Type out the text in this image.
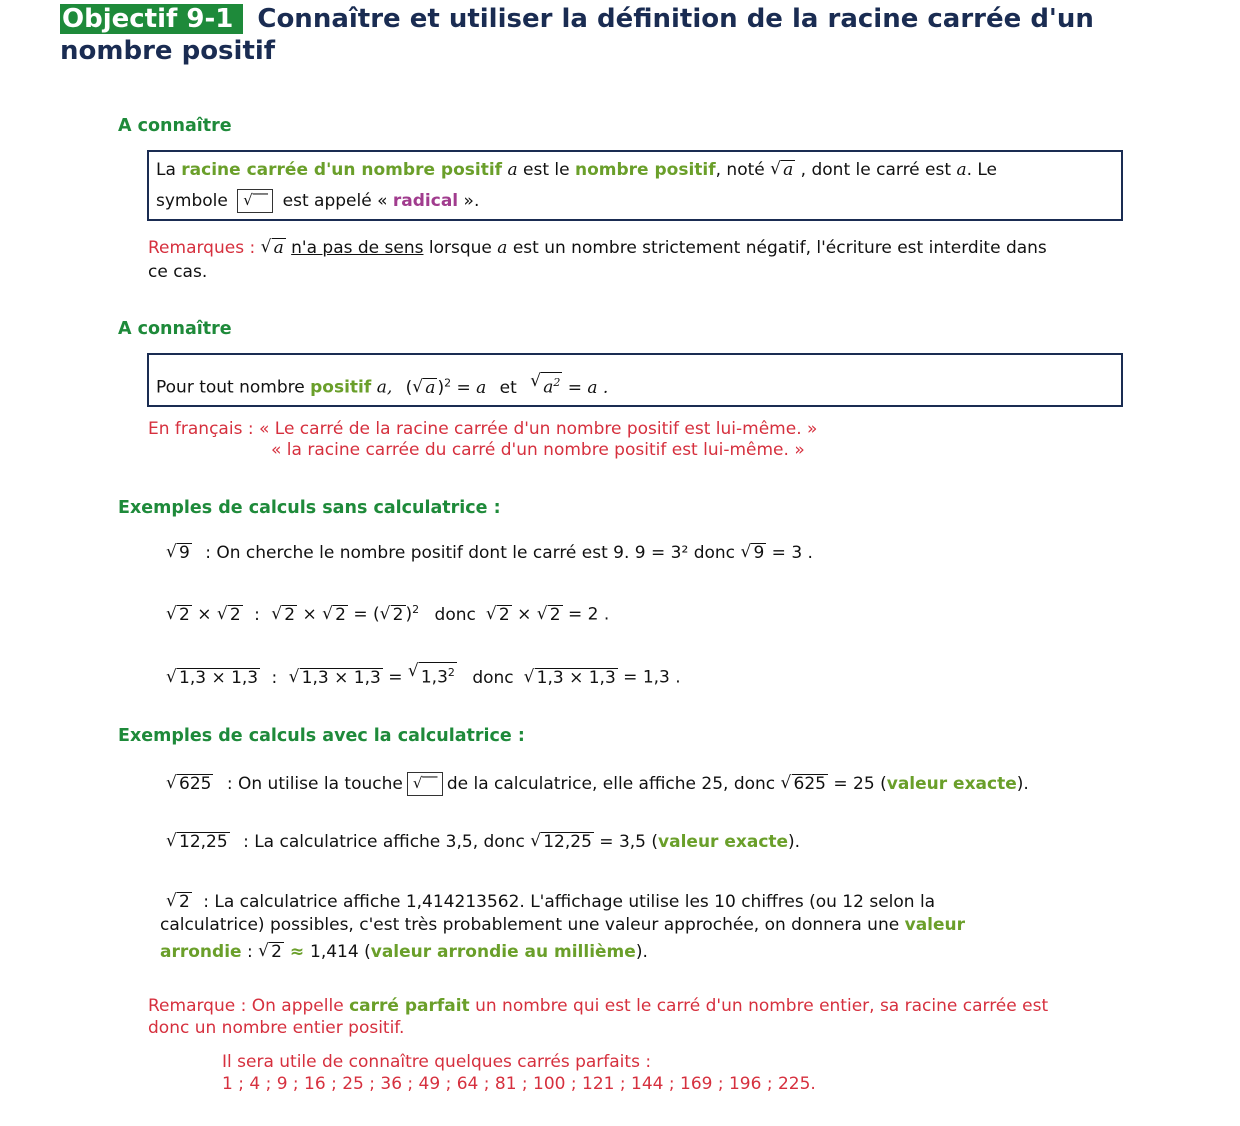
Objectif 9-1 Connaître et utiliser la définition de la racine carrée d'un
nombre positif
A connaître
La racine carrée d'un nombre positif a est le nombre positif, noté √ a , dont le carré est a. Le
symbole √‾‾	est appelé « radical ».
Remarques : √ a n'a pas de sens lorsque a est un nombre strictement négatif, l'écriture est interdite dans
ce cas.
A connaître
Pour tout nombre positif a, ( √ a )$^2$ = a et √ $a^2 = a$ .
En français : « Le carré de la racine carrée d'un nombre positif est lui-même. »
« la racine carrée du carré d'un nombre positif est lui-même. »
Exemples de calculs sans calculatrice :
√ 9 : On cherche le nombre positif dont le carré est 9. 9 = 3² donc √ 9 = 3 .
√ 2 × √ 2 : √ 2 × √ 2 = ( √ 2 )$^2$ donc √ 2 × √ 2 = 2 .
√ 1,3 × 1,3 : √ 1,3 × 1,3 = √ $1,3^2$ donc √ 1,3 × 1,3 = 1,3 .
Exemples de calculs avec la calculatrice :
√ 625 : On utilise la touche √‾‾	de la calculatrice, elle affiche 25, donc √ 625 = 25 (valeur exacte).
√ 12,25 : La calculatrice affiche 3,5, donc √ 12,25 = 3,5 (valeur exacte).
√ 2 : La calculatrice affiche 1,414213562. L'affichage utilise les 10 chiffres (ou 12 selon la
calculatrice) possibles, c'est très probablement une valeur approchée, on donnera une valeur
arrondie : √ 2 ≈ 1,414 (valeur arrondie au millième).
Remarque : On appelle carré parfait un nombre qui est le carré d'un nombre entier, sa racine carrée est
donc un nombre entier positif.
Il sera utile de connaître quelques carrés parfaits :
1 ; 4 ; 9 ; 16 ; 25 ; 36 ; 49 ; 64 ; 81 ; 100 ; 121 ; 144 ; 169 ; 196 ; 225.
